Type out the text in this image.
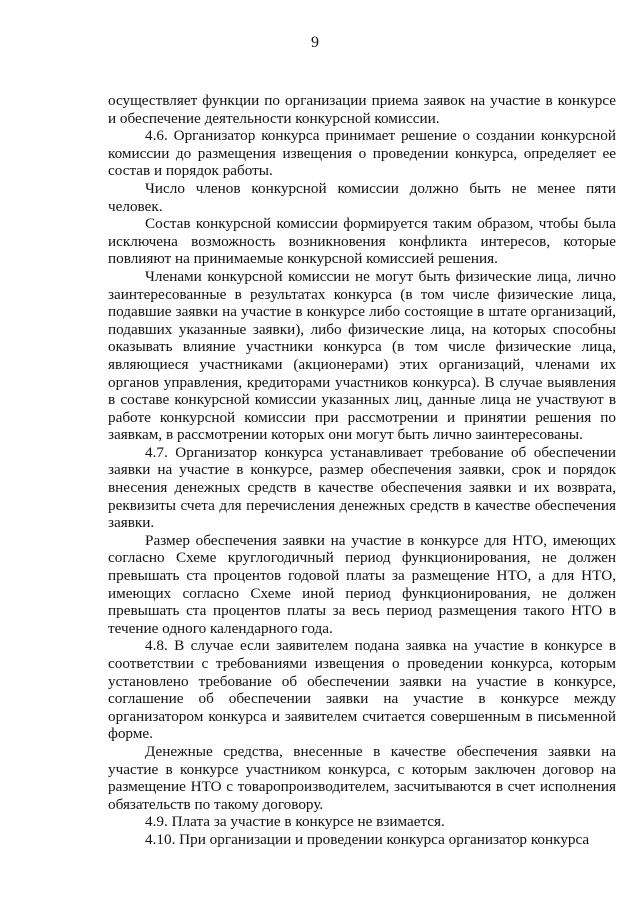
9

осуществляет функции по организации приема заявок на участие в конкурсе и обеспечение деятельности конкурсной комиссии.

4.6. Организатор конкурса принимает решение о создании конкурсной комиссии до размещения извещения о проведении конкурса, определяет ее состав и порядок работы.

Число членов конкурсной комиссии должно быть не менее пяти человек.

Состав конкурсной комиссии формируется таким образом, чтобы была исключена возможность возникновения конфликта интересов, которые повлияют на принимаемые конкурсной комиссией решения.

Членами конкурсной комиссии не могут быть физические лица, лично заинтересованные в результатах конкурса (в том числе физические лица, подавшие заявки на участие в конкурсе либо состоящие в штате организаций, подавших указанные заявки), либо физические лица, на которых способны оказывать влияние участники конкурса (в том числе физические лица, являющиеся участниками (акционерами) этих организаций, членами их органов управления, кредиторами участников конкурса). В случае выявления в составе конкурсной комиссии указанных лиц, данные лица не участвуют в работе конкурсной комиссии при рассмотрении и принятии решения по заявкам, в рассмотрении которых они могут быть лично заинтересованы.

4.7. Организатор конкурса устанавливает требование об обеспечении заявки на участие в конкурсе, размер обеспечения заявки, срок и порядок внесения денежных средств в качестве обеспечения заявки и их возврата, реквизиты счета для перечисления денежных средств в качестве обеспечения заявки.

Размер обеспечения заявки на участие в конкурсе для НТО, имеющих согласно Схеме круглогодичный период функционирования, не должен превышать ста процентов годовой платы за размещение НТО, а для НТО, имеющих согласно Схеме иной период функционирования, не должен превышать ста процентов платы за весь период размещения такого НТО в течение одного календарного года.

4.8. В случае если заявителем подана заявка на участие в конкурсе в соответствии с требованиями извещения о проведении конкурса, которым установлено требование об обеспечении заявки на участие в конкурсе, соглашение об обеспечении заявки на участие в конкурсе между организатором конкурса и заявителем считается совершенным в письменной форме.

Денежные средства, внесенные в качестве обеспечения заявки на участие в конкурсе участником конкурса, с которым заключен договор на размещение НТО с товаропроизводителем, засчитываются в счет исполнения обязательств по такому договору.

4.9. Плата за участие в конкурсе не взимается.

4.10. При организации и проведении конкурса организатор конкурса
